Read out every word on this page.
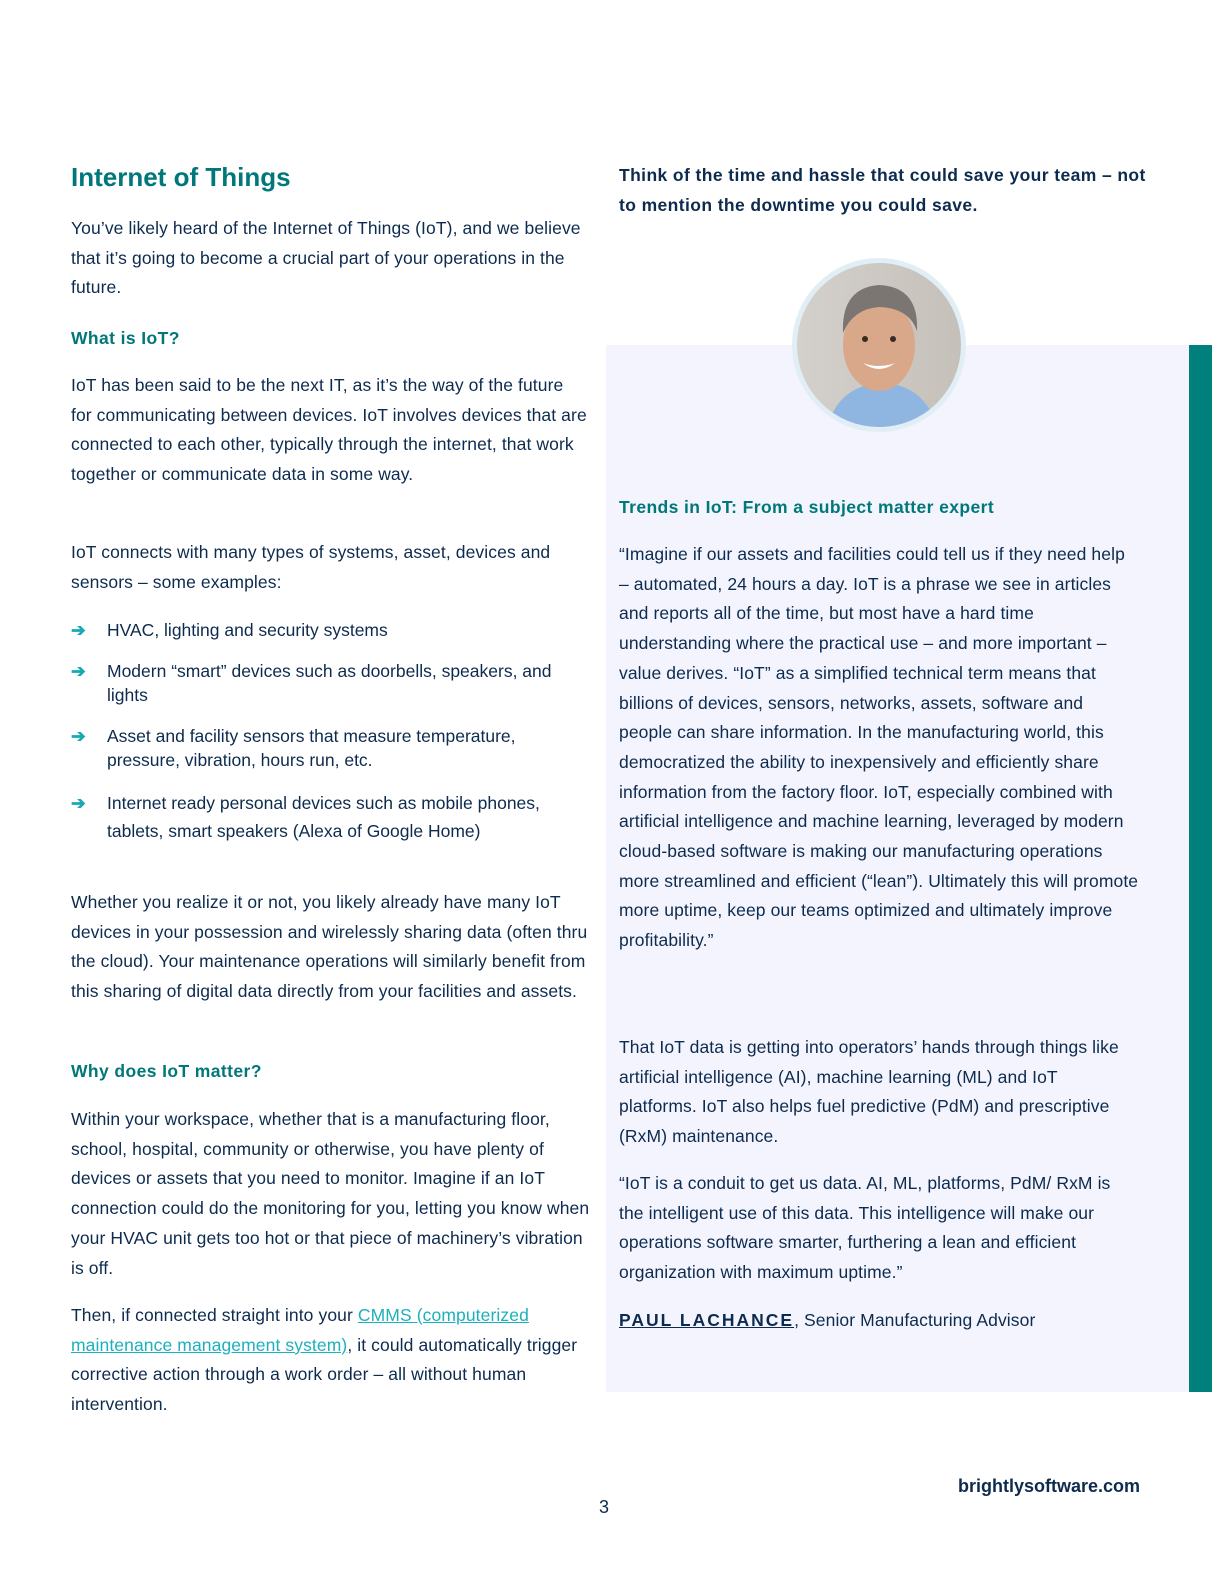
Internet of Things

You’ve likely heard of the Internet of Things (IoT), and we believe that it’s going to become a crucial part of your operations in the future.

What is IoT?

IoT has been said to be the next IT, as it’s the way of the future for communicating between devices. IoT involves devices that are connected to each other, typically through the internet, that work together or communicate data in some way.

IoT connects with many types of systems, asset, devices and sensors – some examples:

➔	HVAC, lighting and security systems
➔	Modern “smart” devices such as doorbells, speakers, and lights
➔	Asset and facility sensors that measure temperature, pressure, vibration, hours run, etc.
➔	Internet ready personal devices such as mobile phones, tablets, smart speakers (Alexa of Google Home)

Whether you realize it or not, you likely already have many IoT devices in your possession and wirelessly sharing data (often thru the cloud). Your maintenance operations will similarly benefit from this sharing of digital data directly from your facilities and assets.

Why does IoT matter?

Within your workspace, whether that is a manufacturing floor, school, hospital, community or otherwise, you have plenty of devices or assets that you need to monitor. Imagine if an IoT connection could do the monitoring for you, letting you know when your HVAC unit gets too hot or that piece of machinery’s vibration is off.

Then, if connected straight into your CMMS (computerized maintenance management system), it could automatically trigger corrective action through a work order – all without human intervention.

Think of the time and hassle that could save your team – not to mention the downtime you could save.
Trends in IoT: From a subject matter expert

“Imagine if our assets and facilities could tell us if they need help – automated, 24 hours a day. IoT is a phrase we see in articles and reports all of the time, but most have a hard time understanding where the practical use – and more important – value derives. “IoT” as a simplified technical term means that billions of devices, sensors, networks, assets, software and people can share information. In the manufacturing world, this democratized the ability to inexpensively and efficiently share information from the factory floor. IoT, especially combined with artificial intelligence and machine learning, leveraged by modern cloud-based software is making our manufacturing operations more streamlined and efficient (“lean”). Ultimately this will promote more uptime, keep our teams optimized and ultimately improve profitability.”

That IoT data is getting into operators’ hands through things like artificial intelligence (AI), machine learning (ML) and IoT platforms. IoT also helps fuel predictive (PdM) and prescriptive (RxM) maintenance.

“IoT is a conduit to get us data. AI, ML, platforms, PdM/ RxM is the intelligent use of this data. This intelligence will make our operations software smarter, furthering a lean and efficient organization with maximum uptime.”

PAUL LACHANCE, Senior Manufacturing Advisor

brightlysoftware.com
3
